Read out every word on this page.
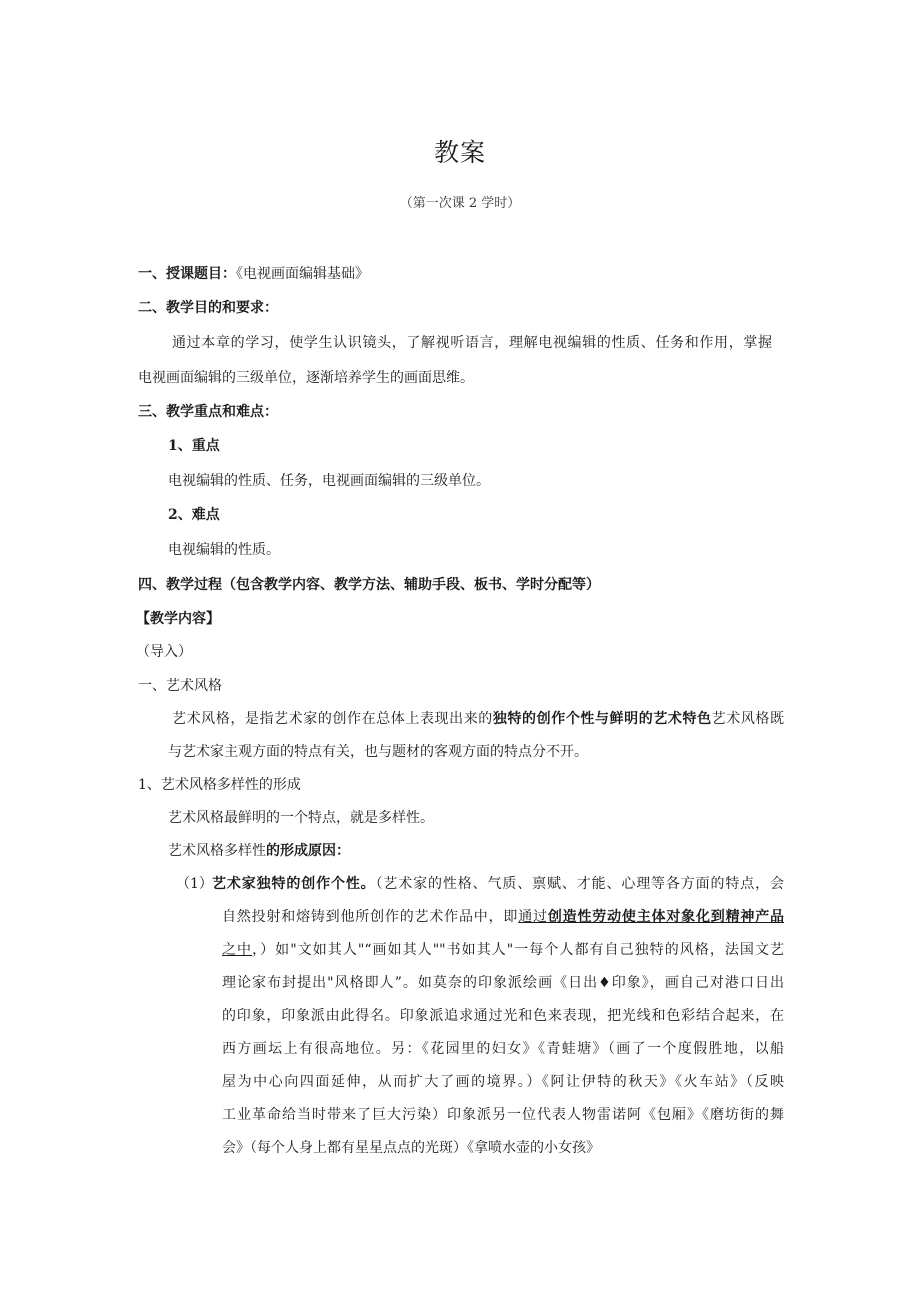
教案
（第一次课 2 学时）
一、授课题目：《电视画面编辑基础》
二、教学目的和要求：
通过本章的学习，使学生认识镜头，了解视听语言，理解电视编辑的性质、任务和作用，掌握
电视画面编辑的三级单位，逐渐培养学生的画面思维。
三、教学重点和难点：
1、重点
电视编辑的性质、任务，电视画面编辑的三级单位。
2、难点
电视编辑的性质。
四、教学过程（包含教学内容、教学方法、辅助手段、板书、学时分配等）
【教学内容】
（导入）
一、艺术风格
艺术风格，是指艺术家的创作在总体上表现出来的独特的创作个性与鲜明的艺术特色艺术风格既
与艺术家主观方面的特点有关，也与题材的客观方面的特点分不开。
1、艺术风格多样性的形成
艺术风格最鲜明的一个特点，就是多样性。
艺术风格多样性的形成原因：
（1） 艺术家独特的创作个性。（艺术家的性格、气质、禀赋、才能、心理等各方面的特点，会
自然投射和熔铸到他所创作的艺术作品中，即通过创造性劳动使主体对象化到精神产品
之中，）如"文如其人"“画如其人""书如其人"一每个人都有自己独特的风格，法国文艺
理论家布封提出"风格即人”。如莫奈的印象派绘画《日出♦印象》，画自己对港口日出
的印象，印象派由此得名。印象派追求通过光和色来表现，把光线和色彩结合起来，在
西方画坛上有很高地位。另：《花园里的妇女》《青蛙塘》（画了一个度假胜地，以船
屋为中心向四面延伸，从而扩大了画的境界。）《阿让伊特的秋天》《火车站》（反映
工业革命给当时带来了巨大污染）印象派另一位代表人物雷诺阿《包厢》《磨坊街的舞
会》（每个人身上都有星星点点的光斑）《拿喷水壶的小女孩》
